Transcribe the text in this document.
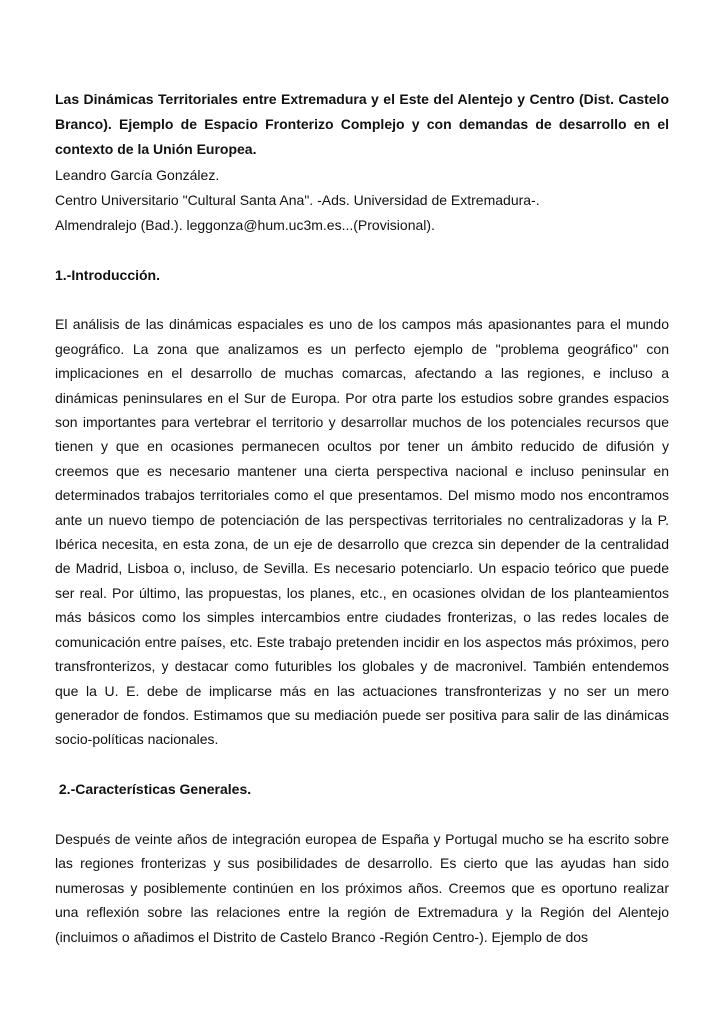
Las Dinámicas Territoriales entre Extremadura y el Este del Alentejo y Centro (Dist. Castelo Branco). Ejemplo de Espacio Fronterizo Complejo y con demandas de desarrollo en el contexto de la Unión Europea.

Leandro García González.

Centro Universitario "Cultural Santa Ana". -Ads. Universidad de Extremadura-.

Almendralejo (Bad.). leggonza@hum.uc3m.es...(Provisional).

1.-Introducción.

El análisis de las dinámicas espaciales es uno de los campos más apasionantes para el mundo geográfico. La zona que analizamos es un perfecto ejemplo de "problema geográfico" con implicaciones en el desarrollo de muchas comarcas, afectando a las regiones, e incluso a dinámicas peninsulares en el Sur de Europa. Por otra parte los estudios sobre grandes espacios son importantes para vertebrar el territorio y desarrollar muchos de los potenciales recursos que tienen y que en ocasiones permanecen ocultos por tener un ámbito reducido de difusión y creemos que es necesario mantener una cierta perspectiva nacional e incluso peninsular en determinados trabajos territoriales como el que presentamos. Del mismo modo nos encontramos ante un nuevo tiempo de potenciación de las perspectivas territoriales no centralizadoras y la P. Ibérica necesita, en esta zona, de un eje de desarrollo que crezca sin depender de la centralidad de Madrid, Lisboa o, incluso, de Sevilla. Es necesario potenciarlo. Un espacio teórico que puede ser real. Por último, las propuestas, los planes, etc., en ocasiones olvidan de los planteamientos más básicos como los simples intercambios entre ciudades fronterizas, o las redes locales de comunicación entre países, etc. Este trabajo pretenden incidir en los aspectos más próximos, pero transfronterizos, y destacar como futuribles los globales y de macronivel. También entendemos que la U. E. debe de implicarse más en las actuaciones transfronterizas y no ser un mero generador de fondos. Estimamos que su mediación puede ser positiva para salir de las dinámicas socio-políticas nacionales.

2.-Características Generales.

Después de veinte años de integración europea de España y Portugal mucho se ha escrito sobre las regiones fronterizas y sus posibilidades de desarrollo. Es cierto que las ayudas han sido numerosas y posiblemente continúen en los próximos años. Creemos que es oportuno realizar una reflexión sobre las relaciones entre la región de Extremadura y la Región del Alentejo (incluimos o añadimos el Distrito de Castelo Branco -Región Centro-). Ejemplo de dos
